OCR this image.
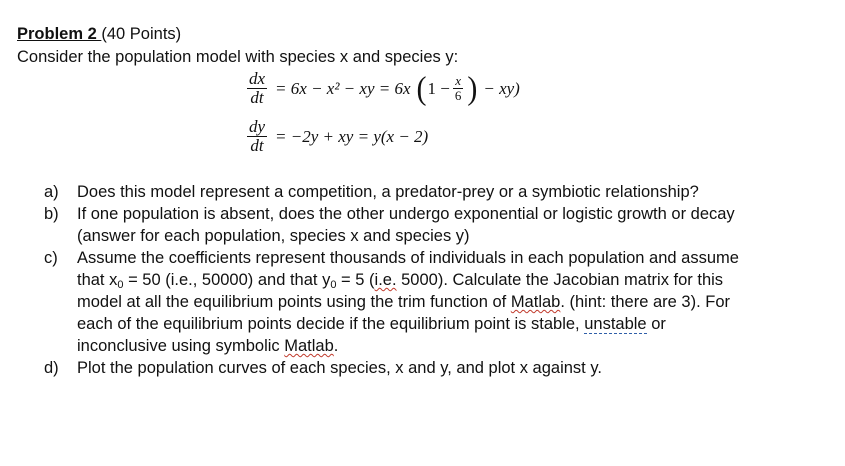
Problem 2 (40 Points)
Consider the population model with species x and species y:
$\frac{dx}{dt} = 6x - x^2$ − xy = 6x ( $1 - \frac{x}{6}$ ) − xy)
$\frac{dy}{dt} = -2y$ + xy = y(x − 2)
a)	Does this model represent a competition, a predator-prey or a symbiotic relationship?
b)	If one population is absent, does the other undergo exponential or logistic growth or decay
(answer for each population, species x and species y)
c)	Assume the coefficients represent thousands of individuals in each population and assume
that $x_0 = 50$ (i.e., 50000) and that $y_0 = 5$ (i.e. 5000). Calculate the Jacobian matrix for this
model at all the equilibrium points using the trim function of Matlab. (hint: there are 3). For
each of the equilibrium points decide if the equilibrium point is stable, unstable or
inconclusive using symbolic Matlab.
d)	Plot the population curves of each species, x and y, and plot x against y.
